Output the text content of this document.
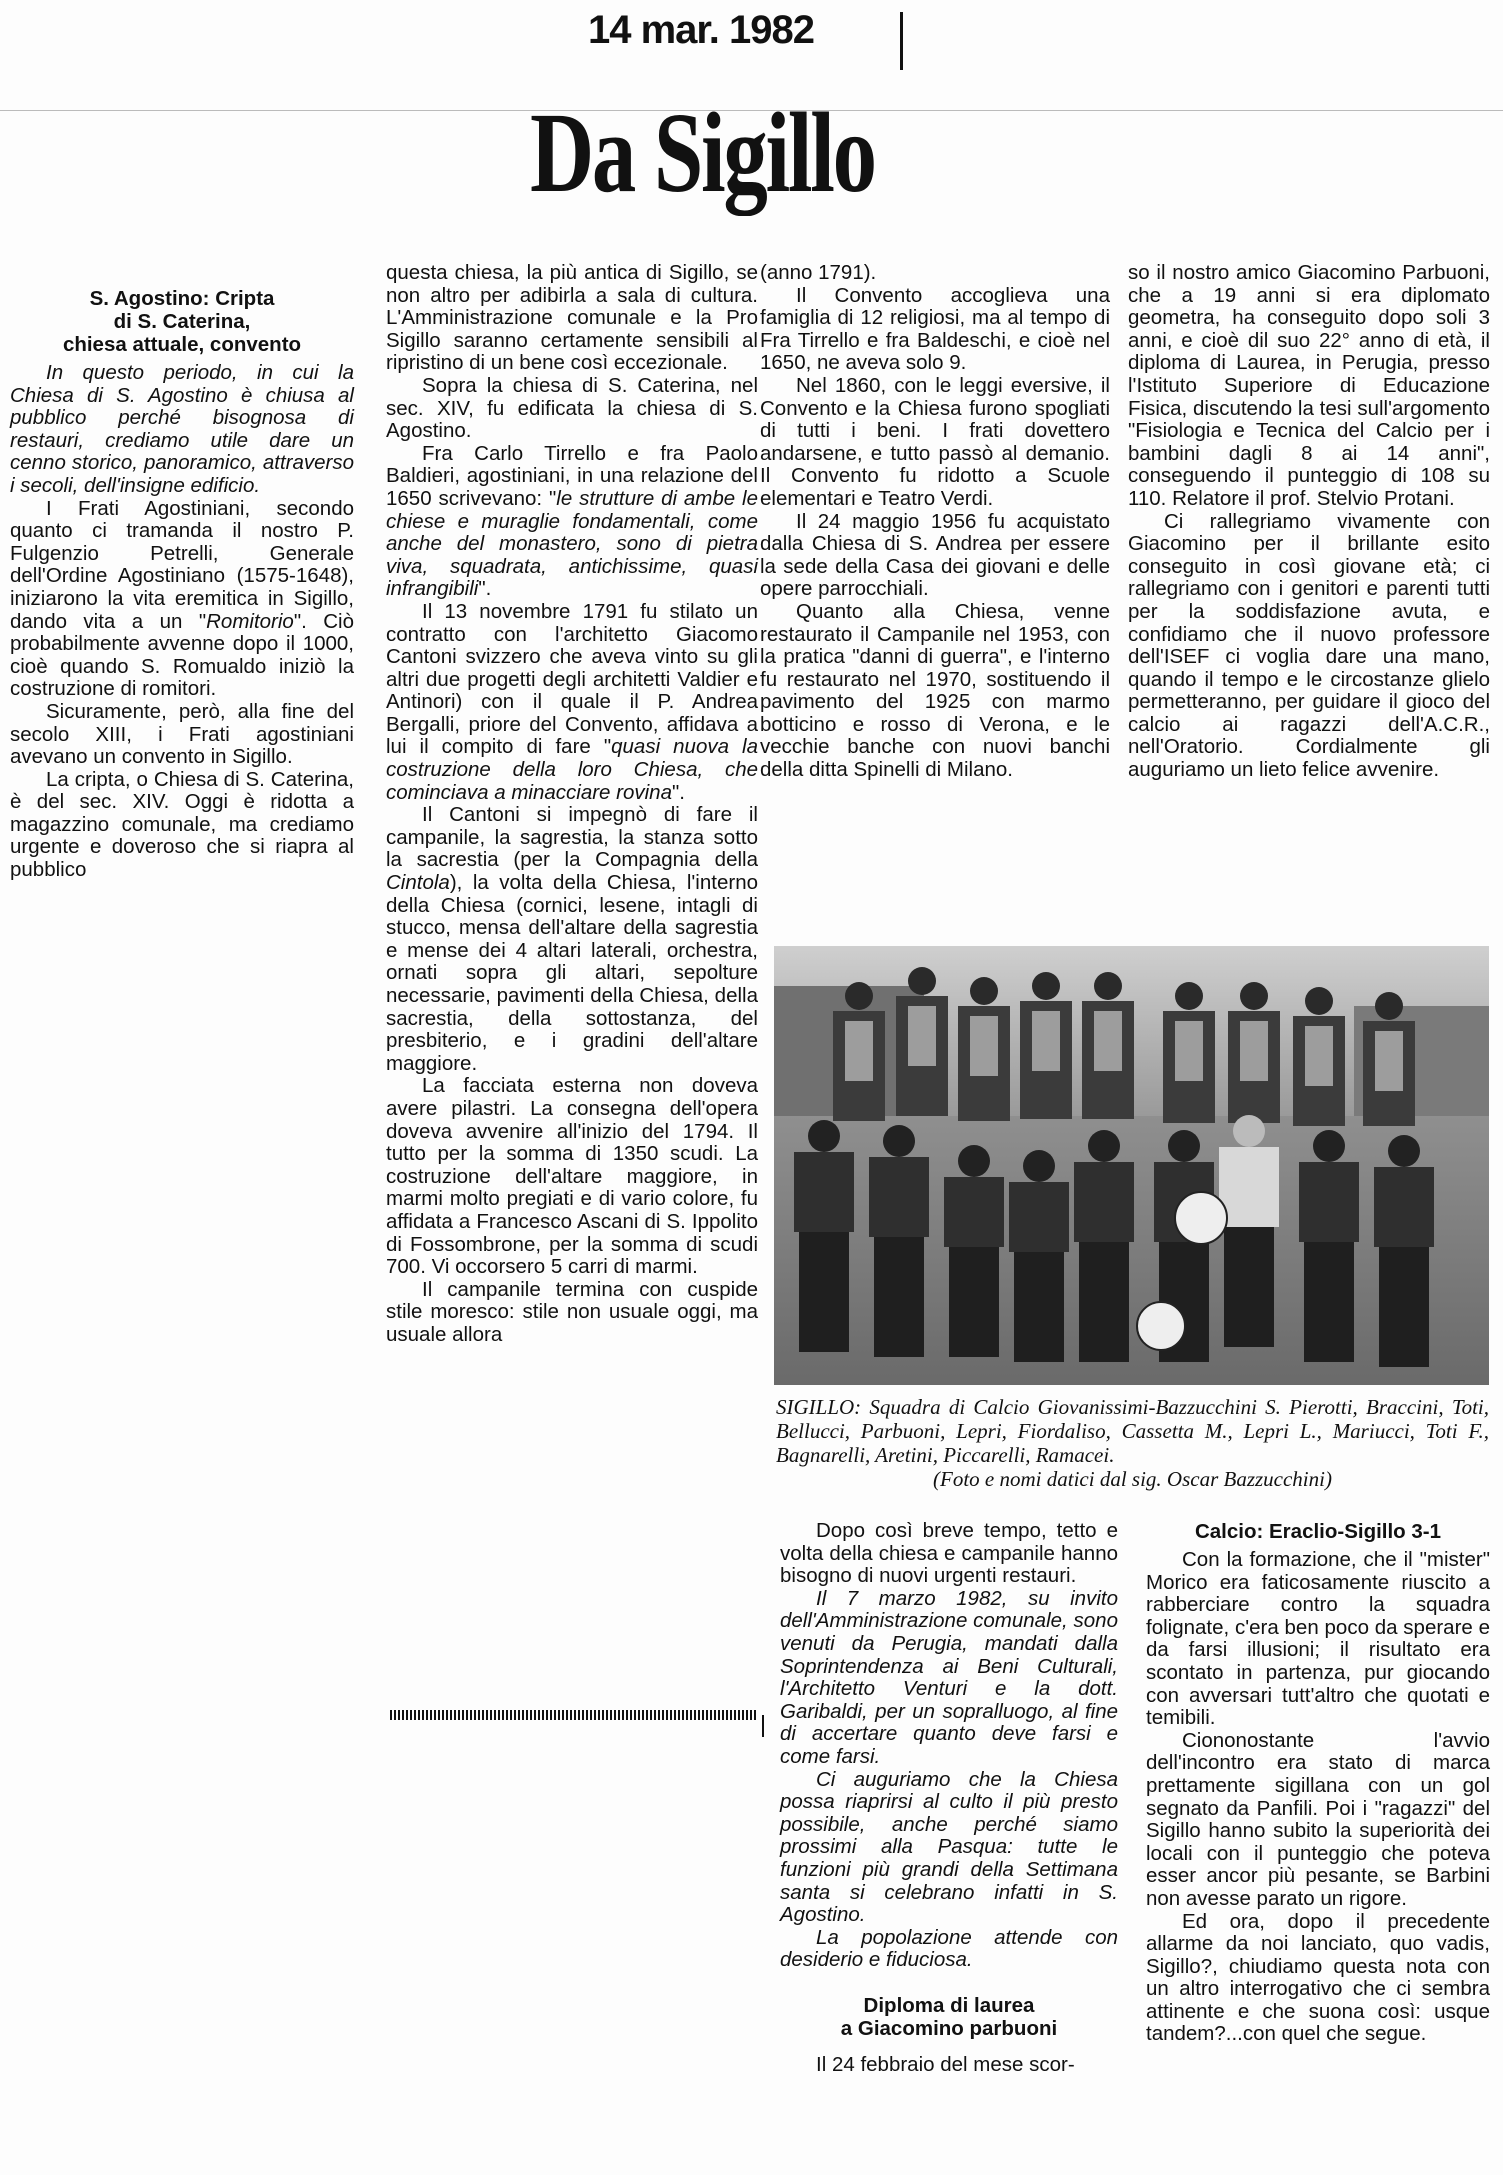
14 mar. 1982
Da Sigillo
S. Agostino: Cripta
di S. Caterina,
chiesa attuale, convento

In questo periodo, in cui la Chiesa di S. Agostino è chiusa al pubblico perché bisognosa di restauri, crediamo utile dare un cenno storico, panoramico, attraverso i secoli, dell'insigne edificio.

I Frati Agostiniani, secondo quanto ci tramanda il nostro P. Fulgenzio Petrelli, Generale dell'Ordine Agostiniano (1575-1648), iniziarono la vita eremitica in Sigillo, dando vita a un "Romitorio". Ciò probabilmente avvenne dopo il 1000, cioè quando S. Romualdo iniziò la costruzione di romitori.

Sicuramente, però, alla fine del secolo XIII, i Frati agostiniani avevano un convento in Sigillo.

La cripta, o Chiesa di S. Caterina, è del sec. XIV. Oggi è ridotta a magazzino comunale, ma crediamo urgente e doveroso che si riapra al pubblico

questa chiesa, la più antica di Sigillo, se non altro per adibirla a sala di cultura. L'Amministrazione comunale e la Pro Sigillo saranno certamente sensibili al ripristino di un bene così eccezionale.

Sopra la chiesa di S. Caterina, nel sec. XIV, fu edificata la chiesa di S. Agostino.

Fra Carlo Tirrello e fra Paolo Baldieri, agostiniani, in una relazione del 1650 scrivevano: "le strutture di ambe le chiese e muraglie fondamentali, come anche del monastero, sono di pietra viva, squadrata, antichissime, quasi infrangibili".

Il 13 novembre 1791 fu stilato un contratto con l'architetto Giacomo Cantoni svizzero che aveva vinto su gli altri due progetti degli architetti Valdier e Antinori) con il quale il P. Andrea Bergalli, priore del Convento, affidava a lui il compito di fare "quasi nuova la costruzione della loro Chiesa, che cominciava a minacciare rovina".

Il Cantoni si impegnò di fare il campanile, la sagrestia, la stanza sotto la sacrestia (per la Compagnia della Cintola), la volta della Chiesa, l'interno della Chiesa (cornici, lesene, intagli di stucco, mensa dell'altare della sagrestia e mense dei 4 altari laterali, orchestra, ornati sopra gli altari, sepolture necessarie, pavimenti della Chiesa, della sacrestia, della sottostanza, del presbiterio, e i gradini dell'altare maggiore.

La facciata esterna non doveva avere pilastri. La consegna dell'opera doveva avvenire all'inizio del 1794. Il tutto per la somma di 1350 scudi. La costruzione dell'altare maggiore, in marmi molto pregiati e di vario colore, fu affidata a Francesco Ascani di S. Ippolito di Fossombrone, per la somma di scudi 700. Vi occorsero 5 carri di marmi.

Il campanile termina con cuspide stile moresco: stile non usuale oggi, ma usuale allora

(anno 1791).

Il Convento accoglieva una famiglia di 12 religiosi, ma al tempo di Fra Tirrello e fra Baldeschi, e cioè nel 1650, ne aveva solo 9.

Nel 1860, con le leggi eversive, il Convento e la Chiesa furono spogliati di tutti i beni. I frati dovettero andarsene, e tutto passò al demanio. Il Convento fu ridotto a Scuole elementari e Teatro Verdi.

Il 24 maggio 1956 fu acquistato dalla Chiesa di S. Andrea per essere la sede della Casa dei giovani e delle opere parrocchiali.

Quanto alla Chiesa, venne restaurato il Campanile nel 1953, con la pratica "danni di guerra", e l'interno fu restaurato nel 1970, sostituendo il pavimento del 1925 con marmo botticino e rosso di Verona, e le vecchie banche con nuovi banchi della ditta Spinelli di Milano.

so il nostro amico Giacomino Parbuoni, che a 19 anni si era diplomato geometra, ha conseguito dopo soli 3 anni, e cioè dil suo 22° anno di età, il diploma di Laurea, in Perugia, presso l'Istituto Superiore di Educazione Fisica, discutendo la tesi sull'argomento "Fisiologia e Tecnica del Calcio per i bambini dagli 8 ai 14 anni", conseguendo il punteggio di 108 su 110. Relatore il prof. Stelvio Protani.

Ci rallegriamo vivamente con Giacomino per il brillante esito conseguito in così giovane età; ci rallegriamo con i genitori e parenti tutti per la soddisfazione avuta, e confidiamo che il nuovo professore dell'ISEF ci voglia dare una mano, quando il tempo e le circostanze glielo permetteranno, per guidare il gioco del calcio ai ragazzi dell'A.C.R., nell'Oratorio. Cordialmente gli auguriamo un lieto felice avvenire.

SIGILLO: Squadra di Calcio Giovanissimi-Bazzucchini S. Pierotti, Braccini, Toti, Bellucci, Parbuoni, Lepri, Fiordaliso, Cassetta M., Lepri L., Mariucci, Toti F., Bagnarelli, Aretini, Piccarelli, Ramacei.
(Foto e nomi datici dal sig. Oscar Bazzucchini)

Dopo così breve tempo, tetto e volta della chiesa e campanile hanno bisogno di nuovi urgenti restauri.

Il 7 marzo 1982, su invito dell'Amministrazione comunale, sono venuti da Perugia, mandati dalla Soprintendenza ai Beni Culturali, l'Architetto Venturi e la dott. Garibaldi, per un sopralluogo, al fine di accertare quanto deve farsi e come farsi.

Ci auguriamo che la Chiesa possa riaprirsi al culto il più presto possibile, anche perché siamo prossimi alla Pasqua: tutte le funzioni più grandi della Settimana santa si celebrano infatti in S. Agostino.

La popolazione attende con desiderio e fiduciosa.

Diploma di laurea
a Giacomino parbuoni

Il 24 febbraio del mese scor-

Calcio: Eraclio-Sigillo 3-1

Con la formazione, che il "mister" Morico era faticosamente riuscito a rabberciare contro la squadra folignate, c'era ben poco da sperare e da farsi illusioni; il risultato era scontato in partenza, pur giocando con avversari tutt'altro che quotati e temibili.

Ciononostante l'avvio dell'incontro era stato di marca prettamente sigillana con un gol segnato da Panfili. Poi i "ragazzi" del Sigillo hanno subito la superiorità dei locali con il punteggio che poteva esser ancor più pesante, se Barbini non avesse parato un rigore.

Ed ora, dopo il precedente allarme da noi lanciato, quo vadis, Sigillo?, chiudiamo questa nota con un altro interrogativo che ci sembra attinente e che suona così: usque tandem?...con quel che segue.
